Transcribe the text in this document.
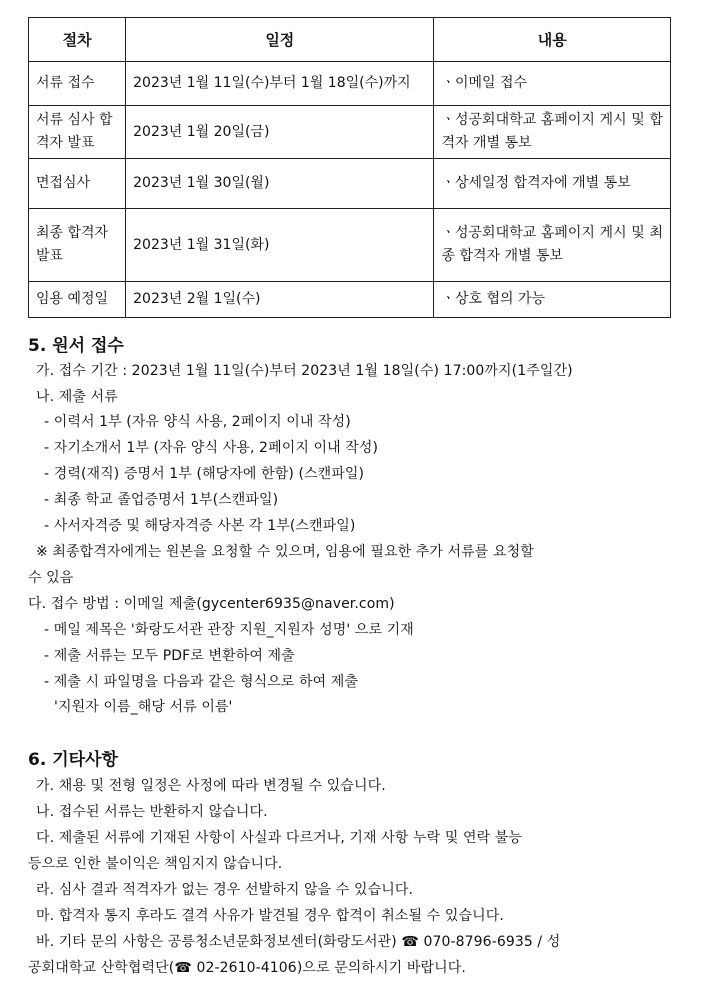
절차	일정	내용
서류 접수	2023년 1월 11일(수)부터 1월 18일(수)까지	ㆍ이메일 접수
서류 심사 합격자 발표	2023년 1월 20일(금)	ㆍ성공회대학교 홈페이지 게시 및 합격자 개별 통보
면접심사	2023년 1월 30일(월)	ㆍ상세일정 합격자에 개별 통보
최종 합격자 발표	2023년 1월 31일(화)	ㆍ성공회대학교 홈페이지 게시 및 최종 합격자 개별 통보
임용 예정일	2023년 2월 1일(수)	ㆍ상호 협의 가능
5. 원서 접수
가. 접수 기간 : 2023년 1월 11일(수)부터 2023년 1월 18일(수) 17:00까지(1주일간)
나. 제출 서류
- 이력서 1부 (자유 양식 사용, 2페이지 이내 작성)
- 자기소개서 1부 (자유 양식 사용, 2페이지 이내 작성)
- 경력(재직) 증명서 1부 (해당자에 한함) (스캔파일)
- 최종 학교 졸업증명서 1부(스캔파일)
- 사서자격증 및 해당자격증 사본 각 1부(스캔파일)
※ 최종합격자에게는 원본을 요청할 수 있으며, 임용에 필요한 추가 서류를 요청할
수 있음
다. 접수 방법 : 이메일 제출(gycenter6935@naver.com)
- 메일 제목은 '화랑도서관 관장 지원_지원자 성명' 으로 기재
- 제출 서류는 모두 PDF로 변환하여 제출
- 제출 시 파일명을 다음과 같은 형식으로 하여 제출
'지원자 이름_해당 서류 이름'
6. 기타사항
가. 채용 및 전형 일정은 사정에 따라 변경될 수 있습니다.
나. 접수된 서류는 반환하지 않습니다.
다. 제출된 서류에 기재된 사항이 사실과 다르거나, 기재 사항 누락 및 연락 불능
등으로 인한 불이익은 책임지지 않습니다.
라. 심사 결과 적격자가 없는 경우 선발하지 않을 수 있습니다.
마. 합격자 통지 후라도 결격 사유가 발견될 경우 합격이 취소될 수 있습니다.
바. 기타 문의 사항은 공릉청소년문화정보센터(화랑도서관) ☎ 070-8796-6935 / 성
공회대학교 산학협력단(☎ 02-2610-4106)으로 문의하시기 바랍니다.
